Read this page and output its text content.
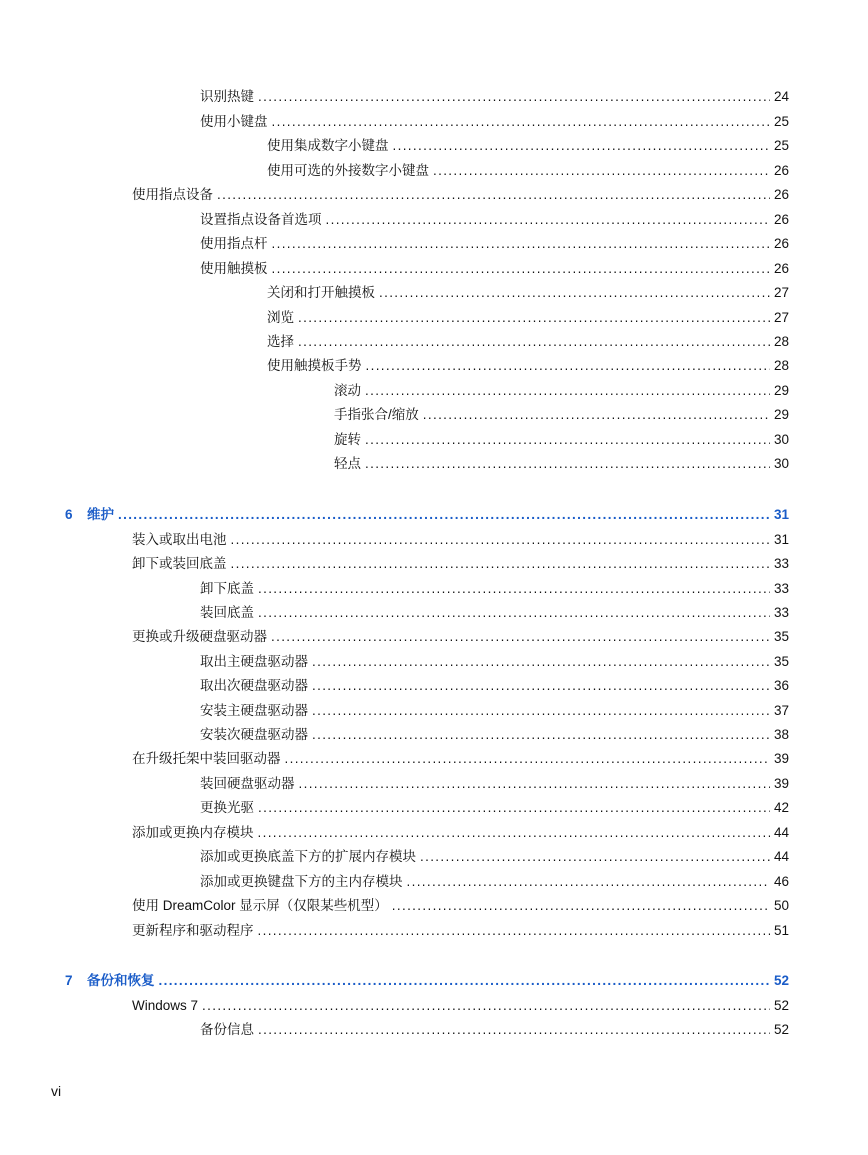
识别热键 . . .	24
使用小键盘 . . .	25
使用集成数字小键盘 . . .	25
使用可选的外接数字小键盘 . . .	26
使用指点设备 . . .	26
设置指点设备首选项 . . .	26
使用指点杆 . . .	26
使用触摸板 . . .	26
关闭和打开触摸板 . . .	27
浏览 . . .	27
选择 . . .	28
使用触摸板手势 . . .	28
滚动 . . .	29
手指张合/缩放 . . .	29
旋转 . . .	30
轻点 . . .	30
6 维护 . . .	31
装入或取出电池 . . .	31
卸下或装回底盖 . . .	33
卸下底盖 . . .	33
装回底盖 . . .	33
更换或升级硬盘驱动器 . . .	35
取出主硬盘驱动器 . . .	35
取出次硬盘驱动器 . . .	36
安装主硬盘驱动器 . . .	37
安装次硬盘驱动器 . . .	38
在升级托架中装回驱动器 . . .	39
装回硬盘驱动器 . . .	39
更换光驱 . . .	42
添加或更换内存模块 . . .	44
添加或更换底盖下方的扩展内存模块 . . .	44
添加或更换键盘下方的主内存模块 . . .	46
使用 DreamColor 显示屏（仅限某些机型） . . .	50
更新程序和驱动程序 . . .	51
7 备份和恢复 . . .	52
Windows 7 . . .	52
备份信息 . . .	52
vi
